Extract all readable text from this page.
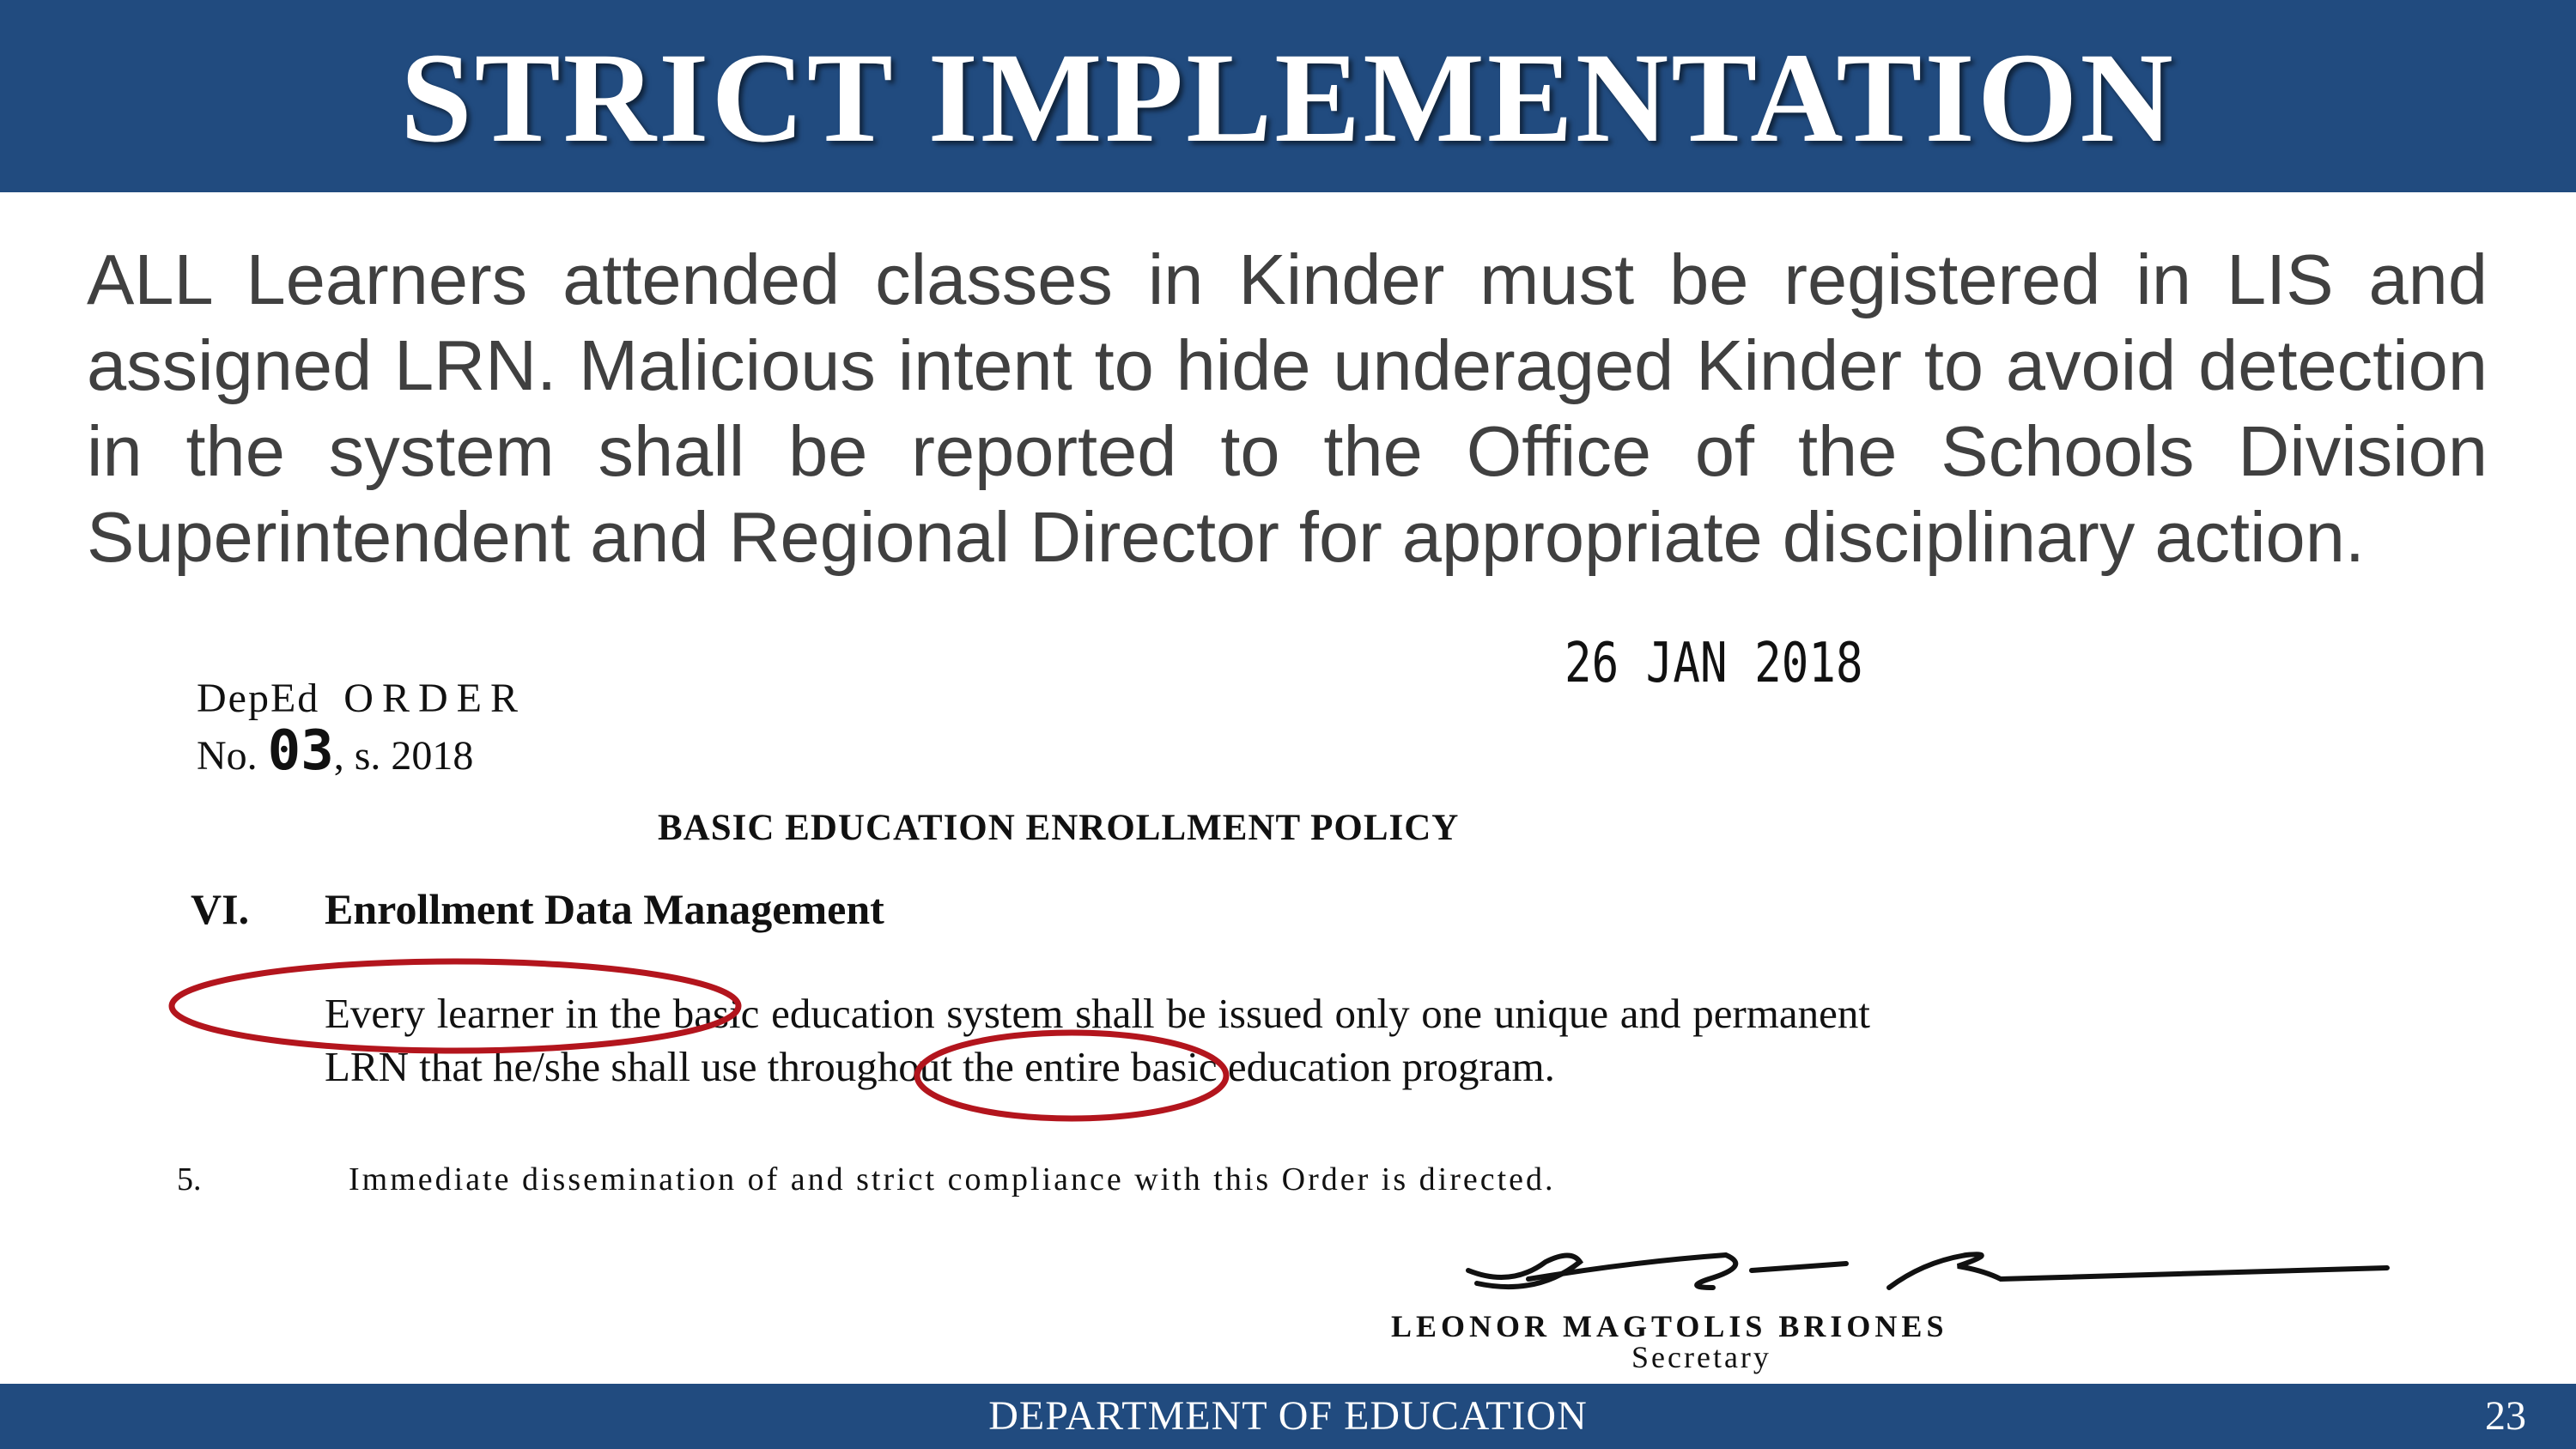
STRICT IMPLEMENTATION
ALL Learners attended classes in Kinder must be registered in LIS and assigned LRN. Malicious intent to hide underaged Kinder to avoid detection in the system shall be reported to the Office of the Schools Division Superintendent and Regional Director for appropriate disciplinary action.
26 JAN 2018
DepEd ORDER
No. 03, s. 2018
BASIC EDUCATION ENROLLMENT POLICY
VI. Enrollment Data Management
Every learner in the basic education system shall be issued only one unique and permanent LRN that he/she shall use throughout the entire basic education program.
5.	Immediate dissemination of and strict compliance with this Order is directed.
LEONOR MAGTOLIS BRIONES
Secretary
DEPARTMENT OF EDUCATION	23
